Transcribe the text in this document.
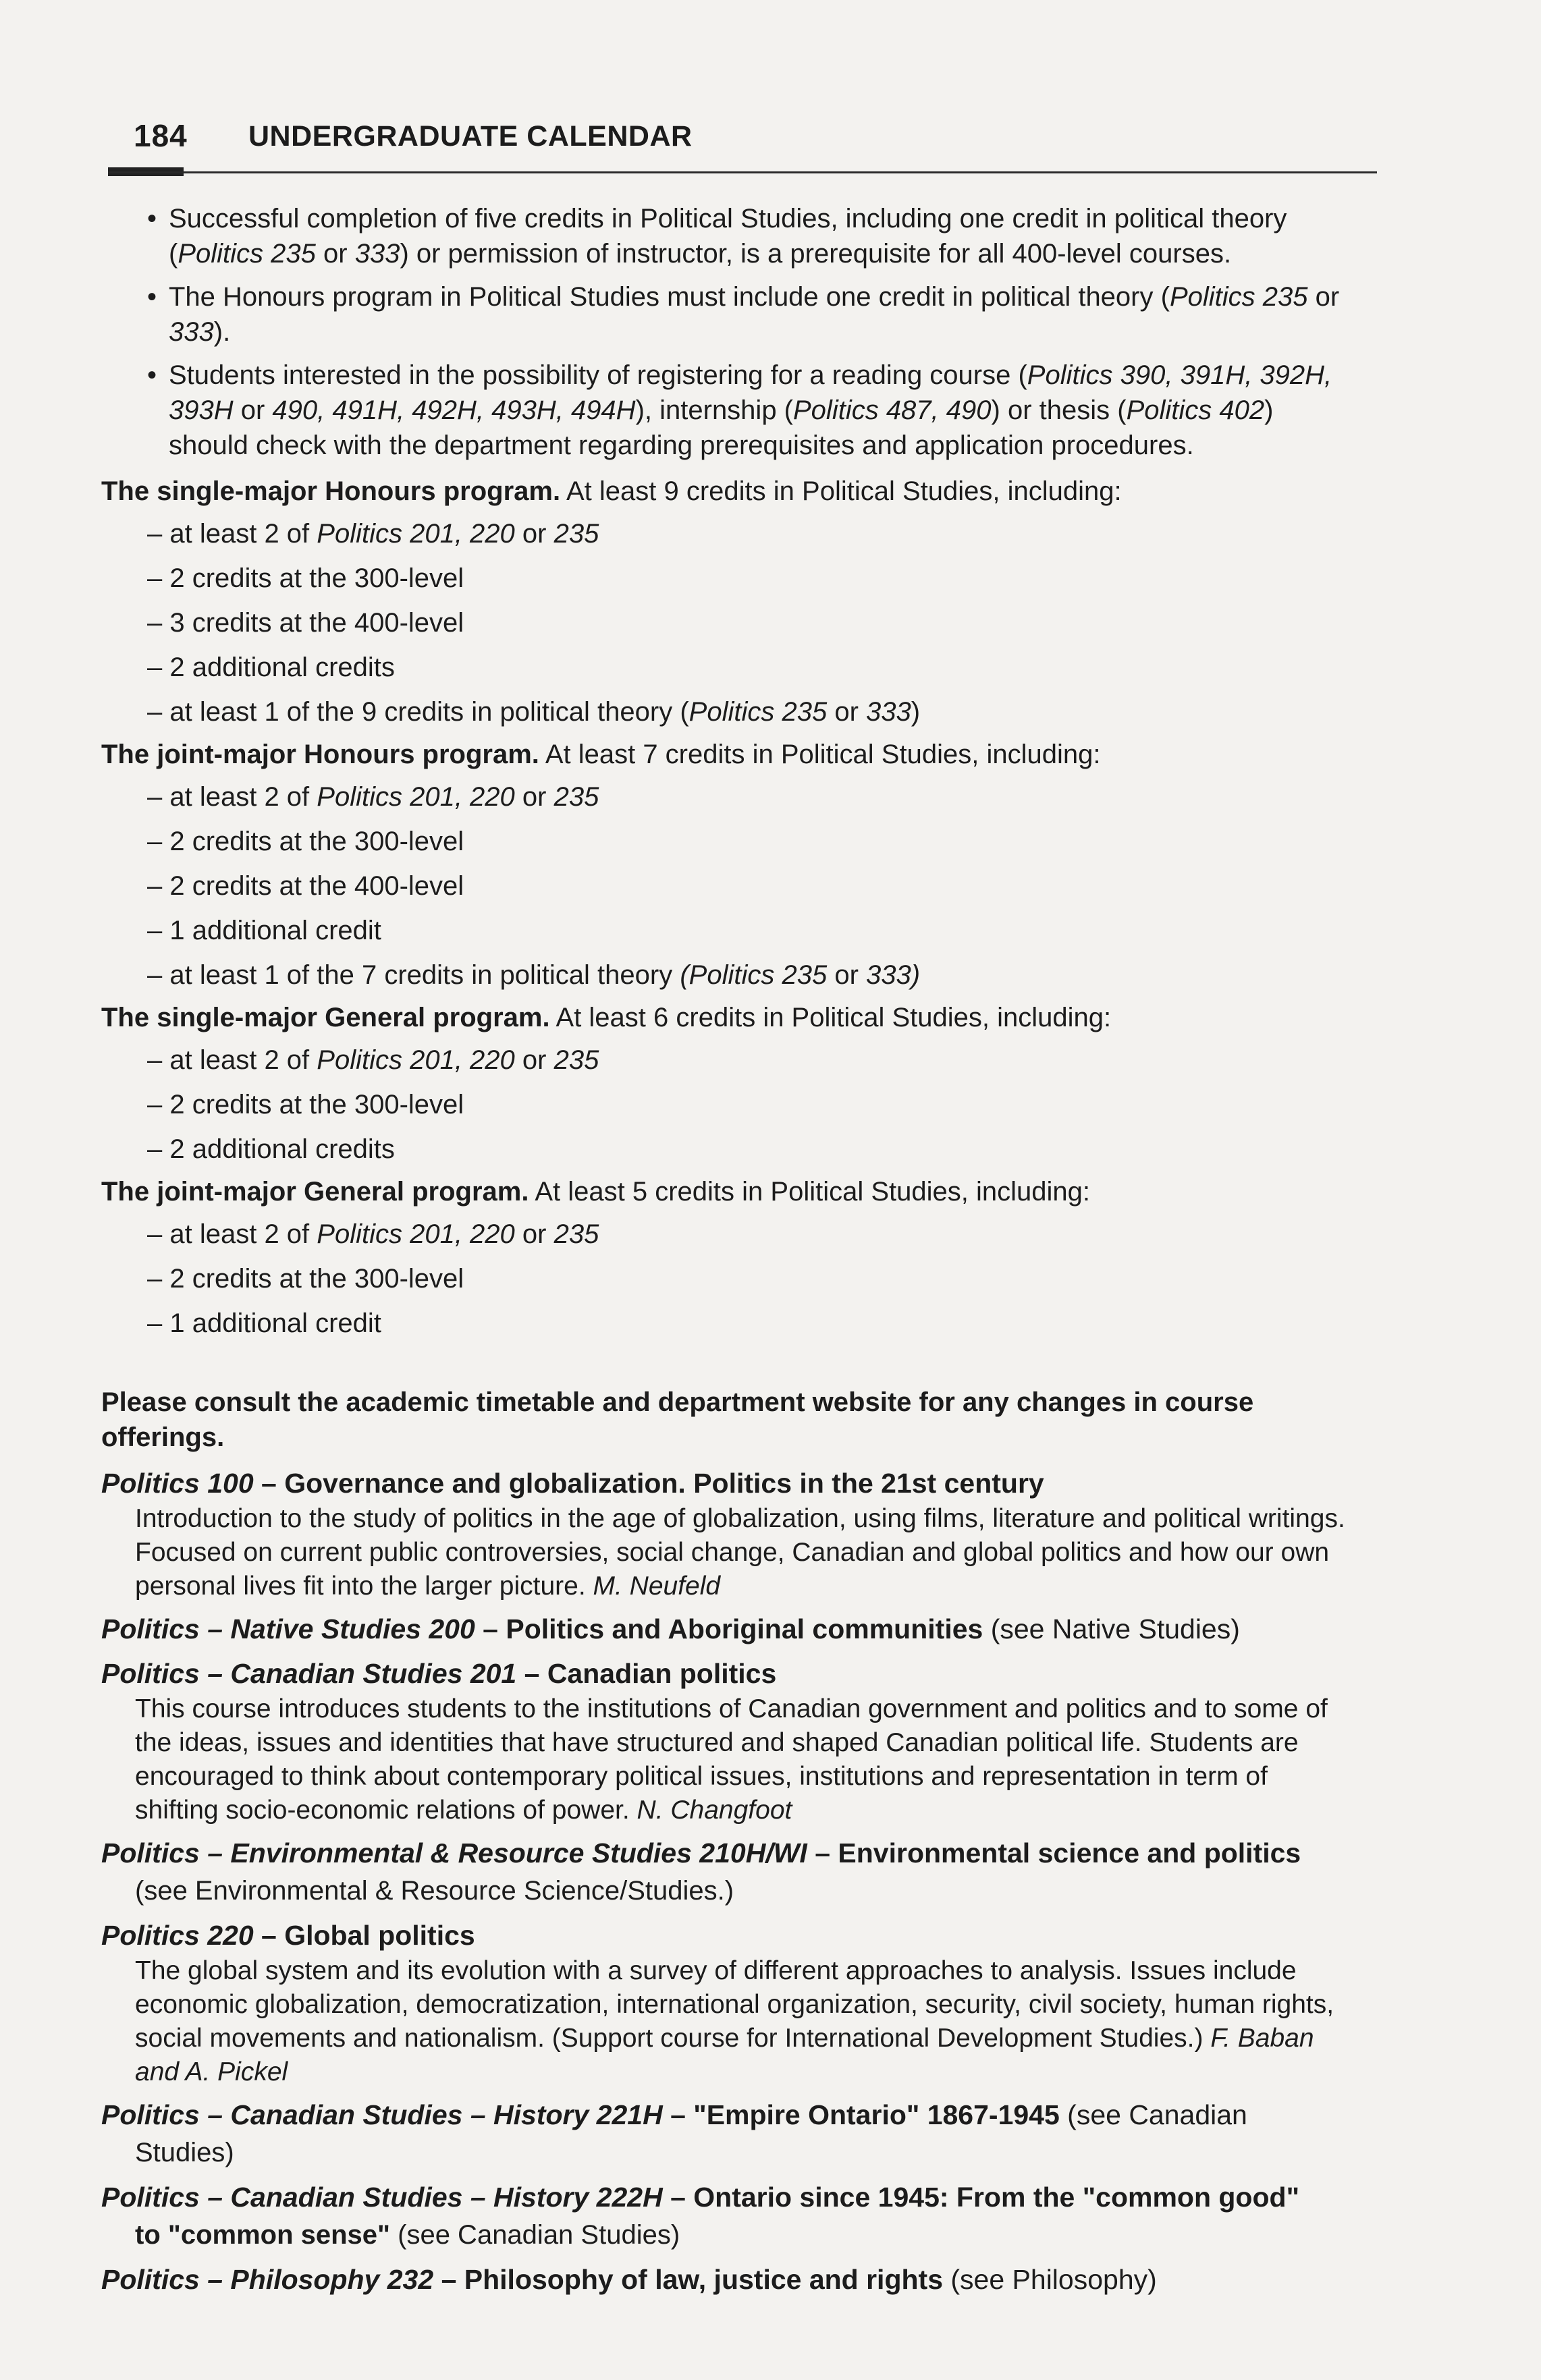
184 UNDERGRADUATE CALENDAR

• Successful completion of five credits in Political Studies, including one credit in political theory (Politics 235 or 333) or permission of instructor, is a prerequisite for all 400-level courses.

• The Honours program in Political Studies must include one credit in political theory (Politics 235 or 333).

• Students interested in the possibility of registering for a reading course (Politics 390, 391H, 392H, 393H or 490, 491H, 492H, 493H, 494H), internship (Politics 487, 490) or thesis (Politics 402) should check with the department regarding prerequisites and application procedures.

The single-major Honours program. At least 9 credits in Political Studies, including:

– at least 2 of Politics 201, 220 or 235

– 2 credits at the 300-level

– 3 credits at the 400-level

– 2 additional credits

– at least 1 of the 9 credits in political theory (Politics 235 or 333)

The joint-major Honours program. At least 7 credits in Political Studies, including:

– at least 2 of Politics 201, 220 or 235

– 2 credits at the 300-level

– 2 credits at the 400-level

– 1 additional credit

– at least 1 of the 7 credits in political theory (Politics 235 or 333)

The single-major General program. At least 6 credits in Political Studies, including:

– at least 2 of Politics 201, 220 or 235

– 2 credits at the 300-level

– 2 additional credits

The joint-major General program. At least 5 credits in Political Studies, including:

– at least 2 of Politics 201, 220 or 235

– 2 credits at the 300-level

– 1 additional credit

Please consult the academic timetable and department website for any changes in course offerings.

Politics 100 – Governance and globalization. Politics in the 21st century

Introduction to the study of politics in the age of globalization, using films, literature and political writings. Focused on current public controversies, social change, Canadian and global politics and how our own personal lives fit into the larger picture. M. Neufeld

Politics – Native Studies 200 – Politics and Aboriginal communities (see Native Studies)

Politics – Canadian Studies 201 – Canadian politics

This course introduces students to the institutions of Canadian government and politics and to some of the ideas, issues and identities that have structured and shaped Canadian political life. Students are encouraged to think about contemporary political issues, institutions and representation in term of shifting socio-economic relations of power. N. Changfoot

Politics – Environmental & Resource Studies 210H/WI – Environmental science and politics

(see Environmental & Resource Science/Studies.)

Politics 220 – Global politics

The global system and its evolution with a survey of different approaches to analysis. Issues include economic globalization, democratization, international organization, security, civil society, human rights, social movements and nationalism. (Support course for International Development Studies.) F. Baban and A. Pickel

Politics – Canadian Studies – History 221H – "Empire Ontario" 1867-1945 (see Canadian

Studies)

Politics – Canadian Studies – History 222H – Ontario since 1945: From the "common good"

to "common sense" (see Canadian Studies)

Politics – Philosophy 232 – Philosophy of law, justice and rights (see Philosophy)
